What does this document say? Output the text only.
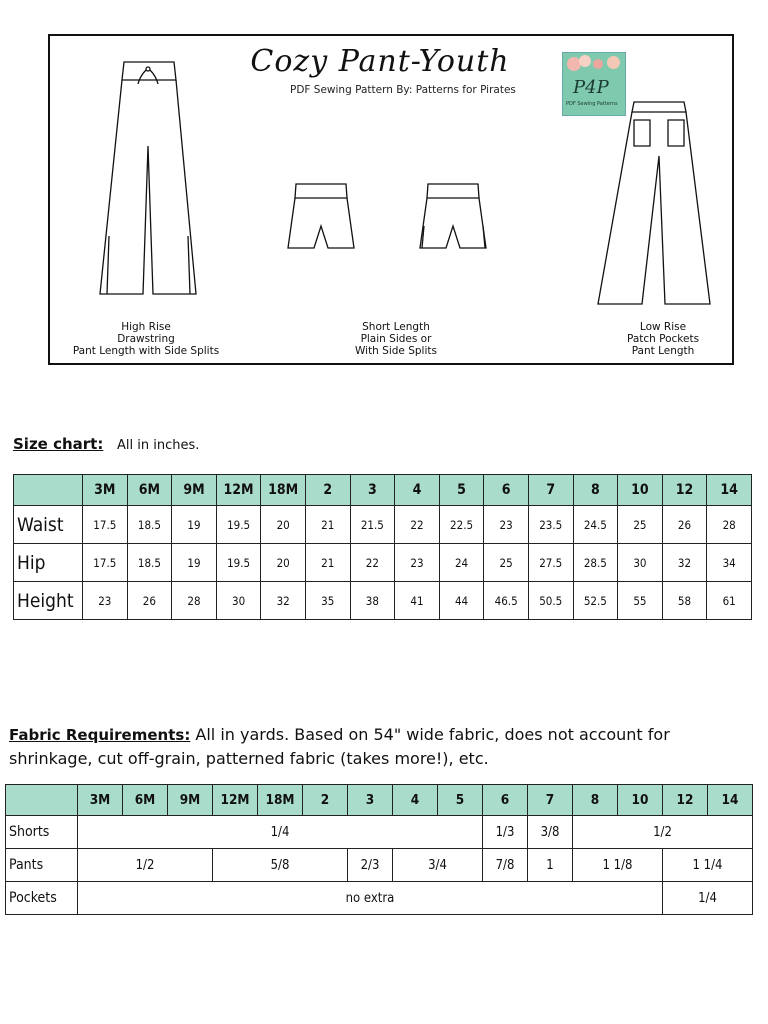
Cozy Pant-Youth
PDF Sewing Pattern By: Patterns for Pirates	P4P
PDF Sewing Patterns
High Rise
Drawstring
Pant Length with Side Splits
Short Length
Plain Sides or
With Side Splits
Low Rise
Patch Pockets
Pant Length
Size chart: All in inches.
	3M	6M	9M	12M	18M	2	3	4	5	6	7	8	10	12	14
Waist	17.5	18.5	19	19.5	20	21	21.5	22	22.5	23	23.5	24.5	25	26	28
Hip	17.5	18.5	19	19.5	20	21	22	23	24	25	27.5	28.5	30	32	34
Height	23	26	28	30	32	35	38	41	44	46.5	50.5	52.5	55	58	61
Fabric Requirements: All in yards. Based on 54" wide fabric, does not account for shrinkage, cut off-grain, patterned fabric (takes more!), etc.
	3M	6M	9M	12M	18M	2	3	4	5	6	7	8	10	12	14
Shorts	1/4									1/3	3/8	1/2			
Pants	1/2			5/8			2/3	3/4		7/8	1	1 1/8		1 1/4	
Pockets	no extra													1/4	
